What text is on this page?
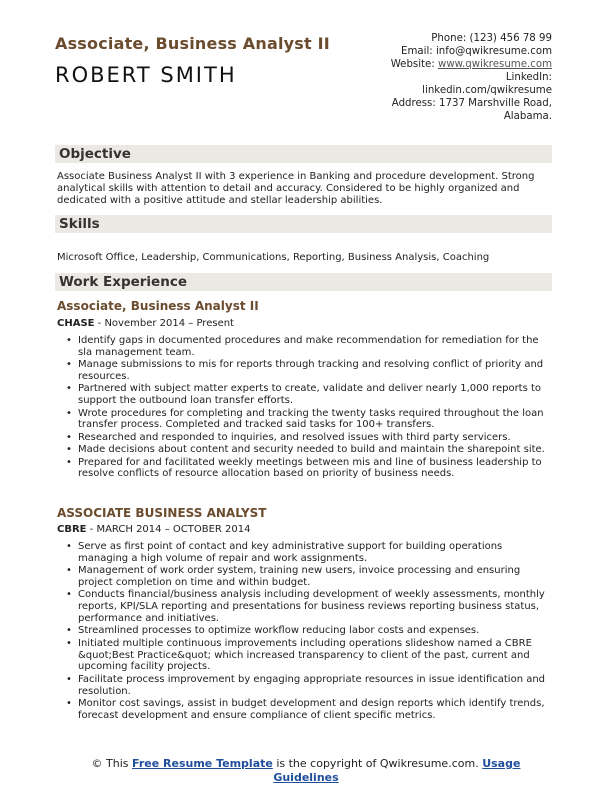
Associate, Business Analyst II
ROBERT SMITH
Phone: (123) 456 78 99
Email: info@qwikresume.com
Website: www.qwikresume.com
LinkedIn:
linkedin.com/qwikresume
Address: 1737 Marshville Road,
Alabama.
Objective
Associate Business Analyst II with 3 experience in Banking and procedure development. Strong analytical skills with attention to detail and accuracy. Considered to be highly organized and dedicated with a positive attitude and stellar leadership abilities.
Skills
Microsoft Office, Leadership, Communications, Reporting, Business Analysis, Coaching
Work Experience
Associate, Business Analyst II
CHASE - November 2014 – Present
• Identify gaps in documented procedures and make recommendation for remediation for the sla management team.
• Manage submissions to mis for reports through tracking and resolving conflict of priority and resources.
• Partnered with subject matter experts to create, validate and deliver nearly 1,000 reports to support the outbound loan transfer efforts.
• Wrote procedures for completing and tracking the twenty tasks required throughout the loan transfer process. Completed and tracked said tasks for 100+ transfers.
• Researched and responded to inquiries, and resolved issues with third party servicers.
• Made decisions about content and security needed to build and maintain the sharepoint site.
• Prepared for and facilitated weekly meetings between mis and line of business leadership to resolve conflicts of resource allocation based on priority of business needs.
ASSOCIATE BUSINESS ANALYST
CBRE - MARCH 2014 – OCTOBER 2014
• Serve as first point of contact and key administrative support for building operations managing a high volume of repair and work assignments.
• Management of work order system, training new users, invoice processing and ensuring project completion on time and within budget.
• Conducts financial/business analysis including development of weekly assessments, monthly reports, KPI/SLA reporting and presentations for business reviews reporting business status, performance and initiatives.
• Streamlined processes to optimize workflow reducing labor costs and expenses.
• Initiated multiple continuous improvements including operations slideshow named a CBRE &quot;Best Practice&quot; which increased transparency to client of the past, current and upcoming facility projects.
• Facilitate process improvement by engaging appropriate resources in issue identification and resolution.
• Monitor cost savings, assist in budget development and design reports which identify trends, forecast development and ensure compliance of client specific metrics.
© This Free Resume Template is the copyright of Qwikresume.com. Usage Guidelines
